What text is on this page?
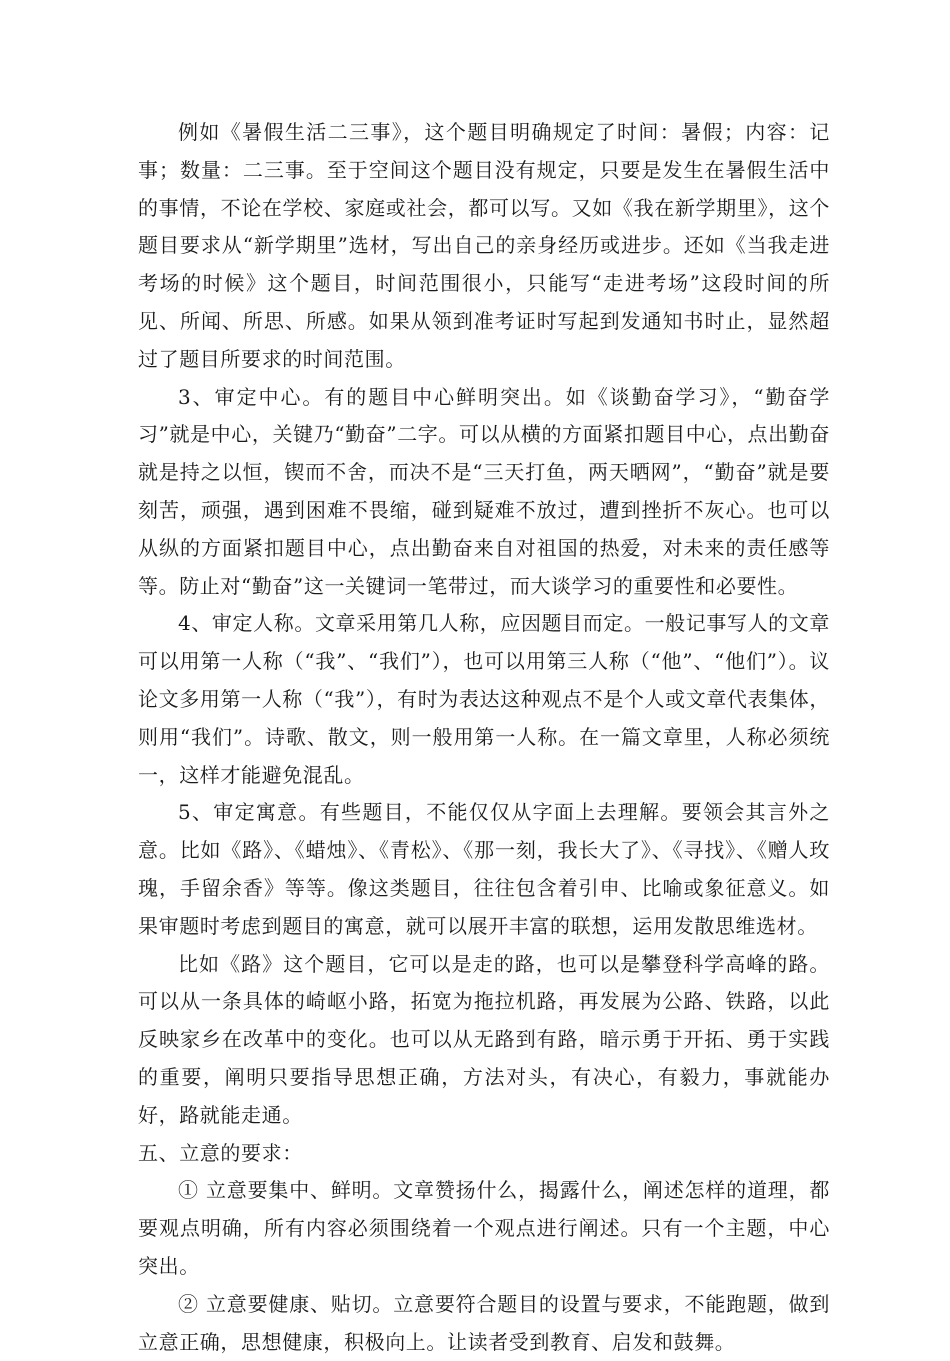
例如《暑假生活二三事》，这个题目明确规定了时间：暑假；内容：记事；数量：二三事。至于空间这个题目没有规定，只要是发生在暑假生活中的事情，不论在学校、家庭或社会，都可以写。又如《我在新学期里》，这个题目要求从“新学期里”选材，写出自己的亲身经历或进步。还如《当我走进考场的时候》这个题目，时间范围很小，只能写“走进考场”这段时间的所见、所闻、所思、所感。如果从领到准考证时写起到发通知书时止，显然超过了题目所要求的时间范围。

3、审定中心。有的题目中心鲜明突出。如《谈勤奋学习》，“勤奋学习”就是中心，关键乃“勤奋”二字。可以从横的方面紧扣题目中心，点出勤奋就是持之以恒，锲而不舍，而决不是“三天打鱼，两天晒网”，“勤奋”就是要刻苦，顽强，遇到困难不畏缩，碰到疑难不放过，遭到挫折不灰心。也可以从纵的方面紧扣题目中心，点出勤奋来自对祖国的热爱，对未来的责任感等等。防止对“勤奋”这一关键词一笔带过，而大谈学习的重要性和必要性。

4、审定人称。文章采用第几人称，应因题目而定。一般记事写人的文章可以用第一人称（“我”、“我们”），也可以用第三人称（“他”、“他们”）。议论文多用第一人称（“我”），有时为表达这种观点不是个人或文章代表集体，则用“我们”。诗歌、散文，则一般用第一人称。在一篇文章里，人称必须统一，这样才能避免混乱。

5、审定寓意。有些题目，不能仅仅从字面上去理解。要领会其言外之意。比如《路》、《蜡烛》、《青松》、《那一刻，我长大了》、《寻找》、《赠人玫瑰，手留余香》等等。像这类题目，往往包含着引申、比喻或象征意义。如果审题时考虑到题目的寓意，就可以展开丰富的联想，运用发散思维选材。

比如《路》这个题目，它可以是走的路，也可以是攀登科学高峰的路。可以从一条具体的崎岖小路，拓宽为拖拉机路，再发展为公路、铁路，以此反映家乡在改革中的变化。也可以从无路到有路，暗示勇于开拓、勇于实践的重要，阐明只要指导思想正确，方法对头，有决心，有毅力，事就能办好，路就能走通。

五、立意的要求：

① 立意要集中、鲜明。文章赞扬什么，揭露什么，阐述怎样的道理，都要观点明确，所有内容必须围绕着一个观点进行阐述。只有一个主题，中心突出。

② 立意要健康、贴切。立意要符合题目的设置与要求，不能跑题，做到立意正确，思想健康，积极向上。让读者受到教育、启发和鼓舞。
